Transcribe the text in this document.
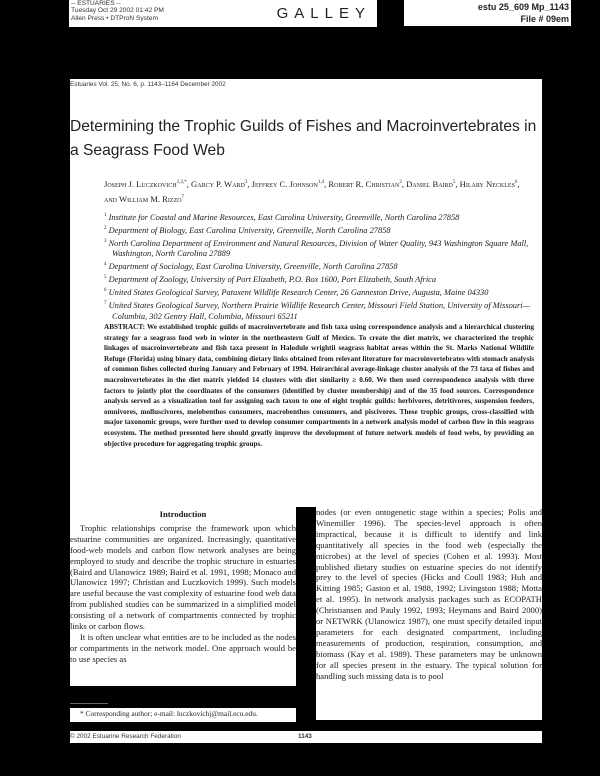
-- ESTUARIES --
Tuesday Oct 29 2002 01:42 PM
Allen Press • DTProN System	GALLEY	estu 25_609 Mp_1143
File # 09em
Estuaries Vol. 25, No. 6, p. 1143–1164 December 2002
Determining the Trophic Guilds of Fishes and Macroinvertebrates in a Seagrass Food Web
Joseph J. Luczkovich$^{1,2,*}$, Garcy P. Ward$^3$, Jeffrey C. Johnson$^{1,4}$, Robert R. Christian$^2$, Daniel Baird$^5$, Hilary Neckles$^6$, and William M. Rizzo$^7$

$^1$ Institute for Coastal and Marine Resources, East Carolina University, Greenville, North Carolina 27858

$^2$ Department of Biology, East Carolina University, Greenville, North Carolina 27858

$^3$ North Carolina Department of Environment and Natural Resources, Division of Water Quality, 943 Washington Square Mall, Washington, North Carolina 27889

$^4$ Department of Sociology, East Carolina University, Greenville, North Carolina 27858

$^5$ Department of Zoology, University of Port Elizabeth, P.O. Box 1600, Port Elizabeth, South Africa

$^6$ United States Geological Survey, Patuxent Wildlife Research Center, 26 Ganneston Drive, Augusta, Maine 04330

$^7$ United States Geological Survey, Northern Prairie Wildlife Research Center, Missouri Field Station, University of Missouri—Columbia, 302 Gentry Hall, Columbia, Missouri 65211

ABSTRACT: We established trophic guilds of macroinvertebrate and fish taxa using correspondence analysis and a hierarchical clustering strategy for a seagrass food web in winter in the northeastern Gulf of Mexico. To create the diet matrix, we characterized the trophic linkages of macroinvertebrate and fish taxa present in Halodule wrightii seagrass habitat areas within the St. Marks National Wildlife Refuge (Florida) using binary data, combining dietary links obtained from relevant literature for macroinvertebrates with stomach analysis of common fishes collected during January and February of 1994. Heirarchical average-linkage cluster analysis of the 73 taxa of fishes and macroinvertebrates in the diet matrix yielded 14 clusters with diet similarity ≥ 0.60. We then used correspondence analysis with three factors to jointly plot the coordinates of the consumers (identified by cluster membership) and of the 35 food sources. Correspondence analysis served as a visualization tool for assigning each taxon to one of eight trophic guilds: herbivores, detritivores, suspension feeders, omnivores, molluscivores, meiobenthos consumers, macrobenthos consumers, and piscivores. These trophic groups, cross-classified with major taxonomic groups, were further used to develop consumer compartments in a network analysis model of carbon flow in this seagrass ecosystem. The method presented here should greatly improve the development of future network models of food webs, by providing an objective procedure for aggregating trophic groups.
Introduction

Trophic relationships comprise the framework upon which estuarine communities are organized. Increasingly, quantitative food-web models and carbon flow network analyses are being employed to study and describe the trophic structure in estuaries (Baird and Ulanowicz 1989; Baird et al. 1991, 1998; Monaco and Ulanowicz 1997; Christian and Luczkovich 1999). Such models are useful because the vast complexity of estuarine food web data from published studies can be summarized in a simplified model consisting of a network of compartments connected by trophic links or carbon flows.

It is often unclear what entities are to be included as the nodes or compartments in the network model. One approach would be to use species as

nodes (or even ontogenetic stage within a species; Polis and Winemiller 1996). The species-level approach is often impractical, because it is difficult to identify and link quantitatively all species in the food web (especially the microbes) at the level of species (Cohen et al. 1993). Most published dietary studies on estuarine species do not identify prey to the level of species (Hicks and Coull 1983; Huh and Kitting 1985; Gaston et al. 1988, 1992; Livingston 1988; Motta et al. 1995). In network analysis packages such as ECOPATH (Christiansen and Pauly 1992, 1993; Heymans and Baird 2000) or NETWRK (Ulanowicz 1987), one must specify detailed input parameters for each designated compartment, including measurements of production, respiration, consumption, and biomass (Kay et al. 1989). These parameters may be unknown for all species present in the estuary. The typical solution for handling such missing data is to pool

* Corresponding author; e-mail: luczkovichj@mail.ecu.edu.
© 2002 Estuarine Research Federation	1143
